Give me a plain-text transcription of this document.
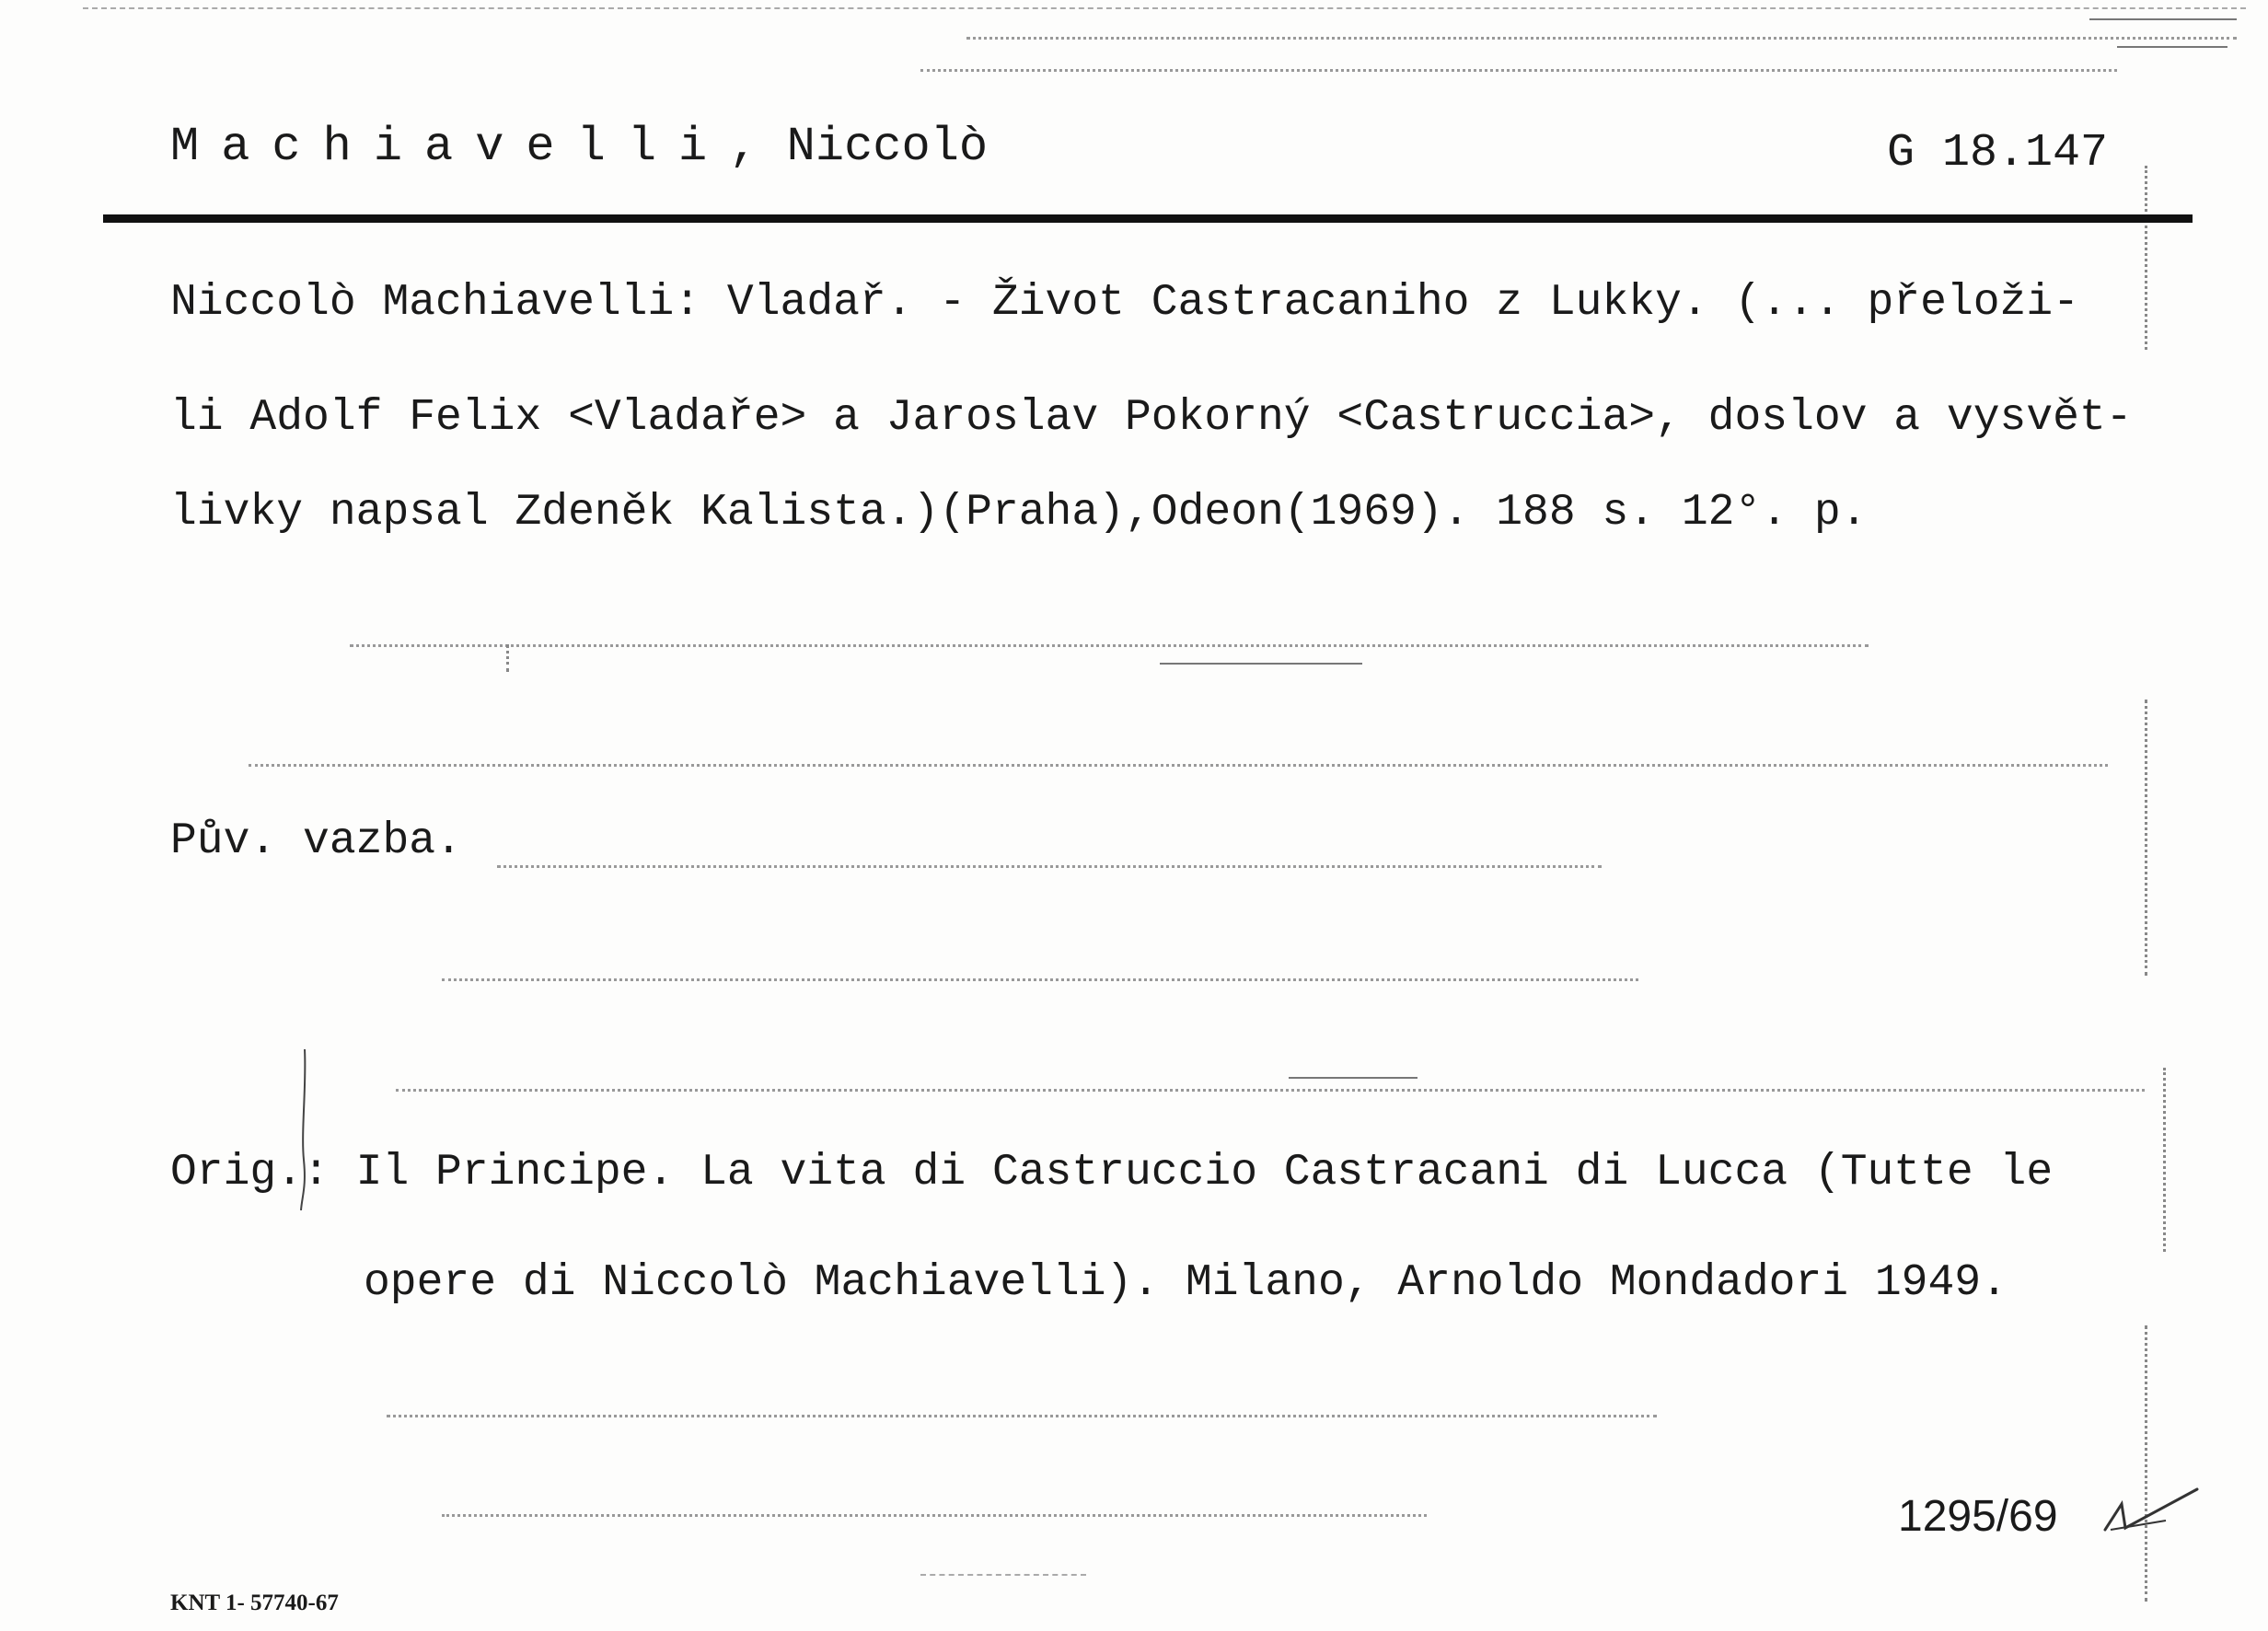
Machiavelli, Niccolò	G 18.147
Niccolò Machiavelli: Vladař. - Život Castracaniho z Lukky. (... přeloži-
li Adolf Felix <Vladaře> a Jaroslav Pokorný <Castruccia>, doslov a vysvět-
livky napsal Zdeněk Kalista.)(Praha),Odeon(1969). 188 s. 12°. p.
Pův. vazba.
Orig.: Il Principe. La vita di Castruccio Castracani di Lucca (Tutte le
opere di Niccolò Machiavelli). Milano, Arnoldo Mondadori 1949.
1295/69
KNT 1- 57740-67
